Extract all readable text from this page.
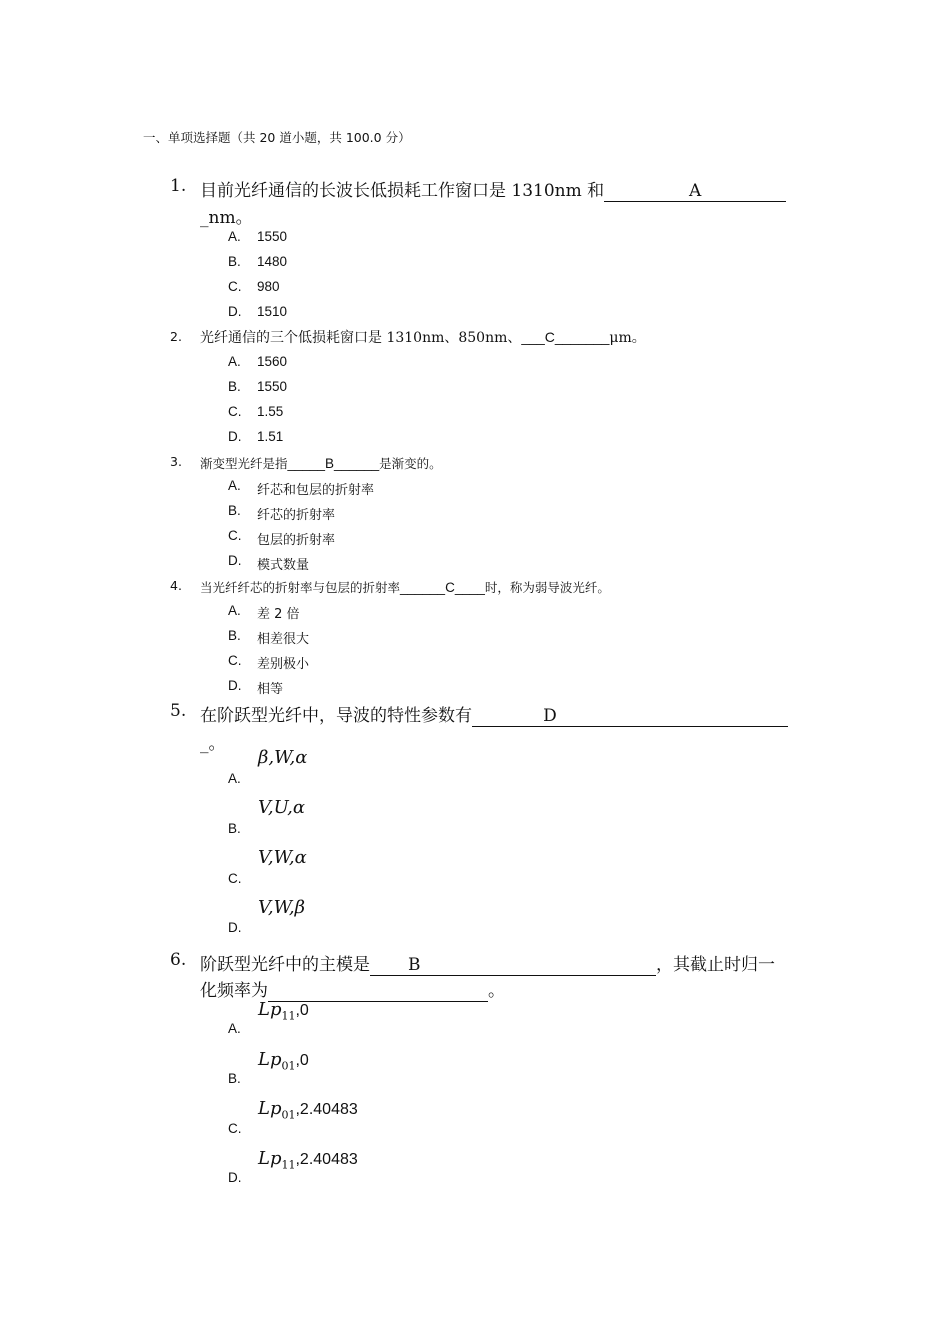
一、单项选择题（共 20 道小题，共 100.0 分）
1. 目前光纤通信的长波长低损耗工作窗口是 1310nm 和	A
_nm。
A. 1550
B. 1480
C. 980
D. 1510
2. 光纤通信的三个低损耗窗口是 1310nm、850nm、___C_______μm。
A. 1560
B. 1550
C. 1.55
D. 1.51
3. 渐变型光纤是指_____B______是渐变的。
A. 纤芯和包层的折射率
B. 纤芯的折射率
C. 包层的折射率
D. 模式数量
4. 当光纤纤芯的折射率与包层的折射率______C____时，称为弱导波光纤。
A. 差 2 倍
B. 相差很大
C. 差别极小
D. 相等
5. 在阶跃型光纤中，导波的特性参数有	D
_。
β,W,α
A.
V,U,α
B.
V,W,α
C.
V,W,β
D.
6. 阶跃型光纤中的主模是 B	，其截止时归一
化频率为	。
$Lp_{11},0$
A.
$Lp_{01},0$
B.
$Lp_{01},2.40483$
C.
$Lp_{11},2.40483$
D.
